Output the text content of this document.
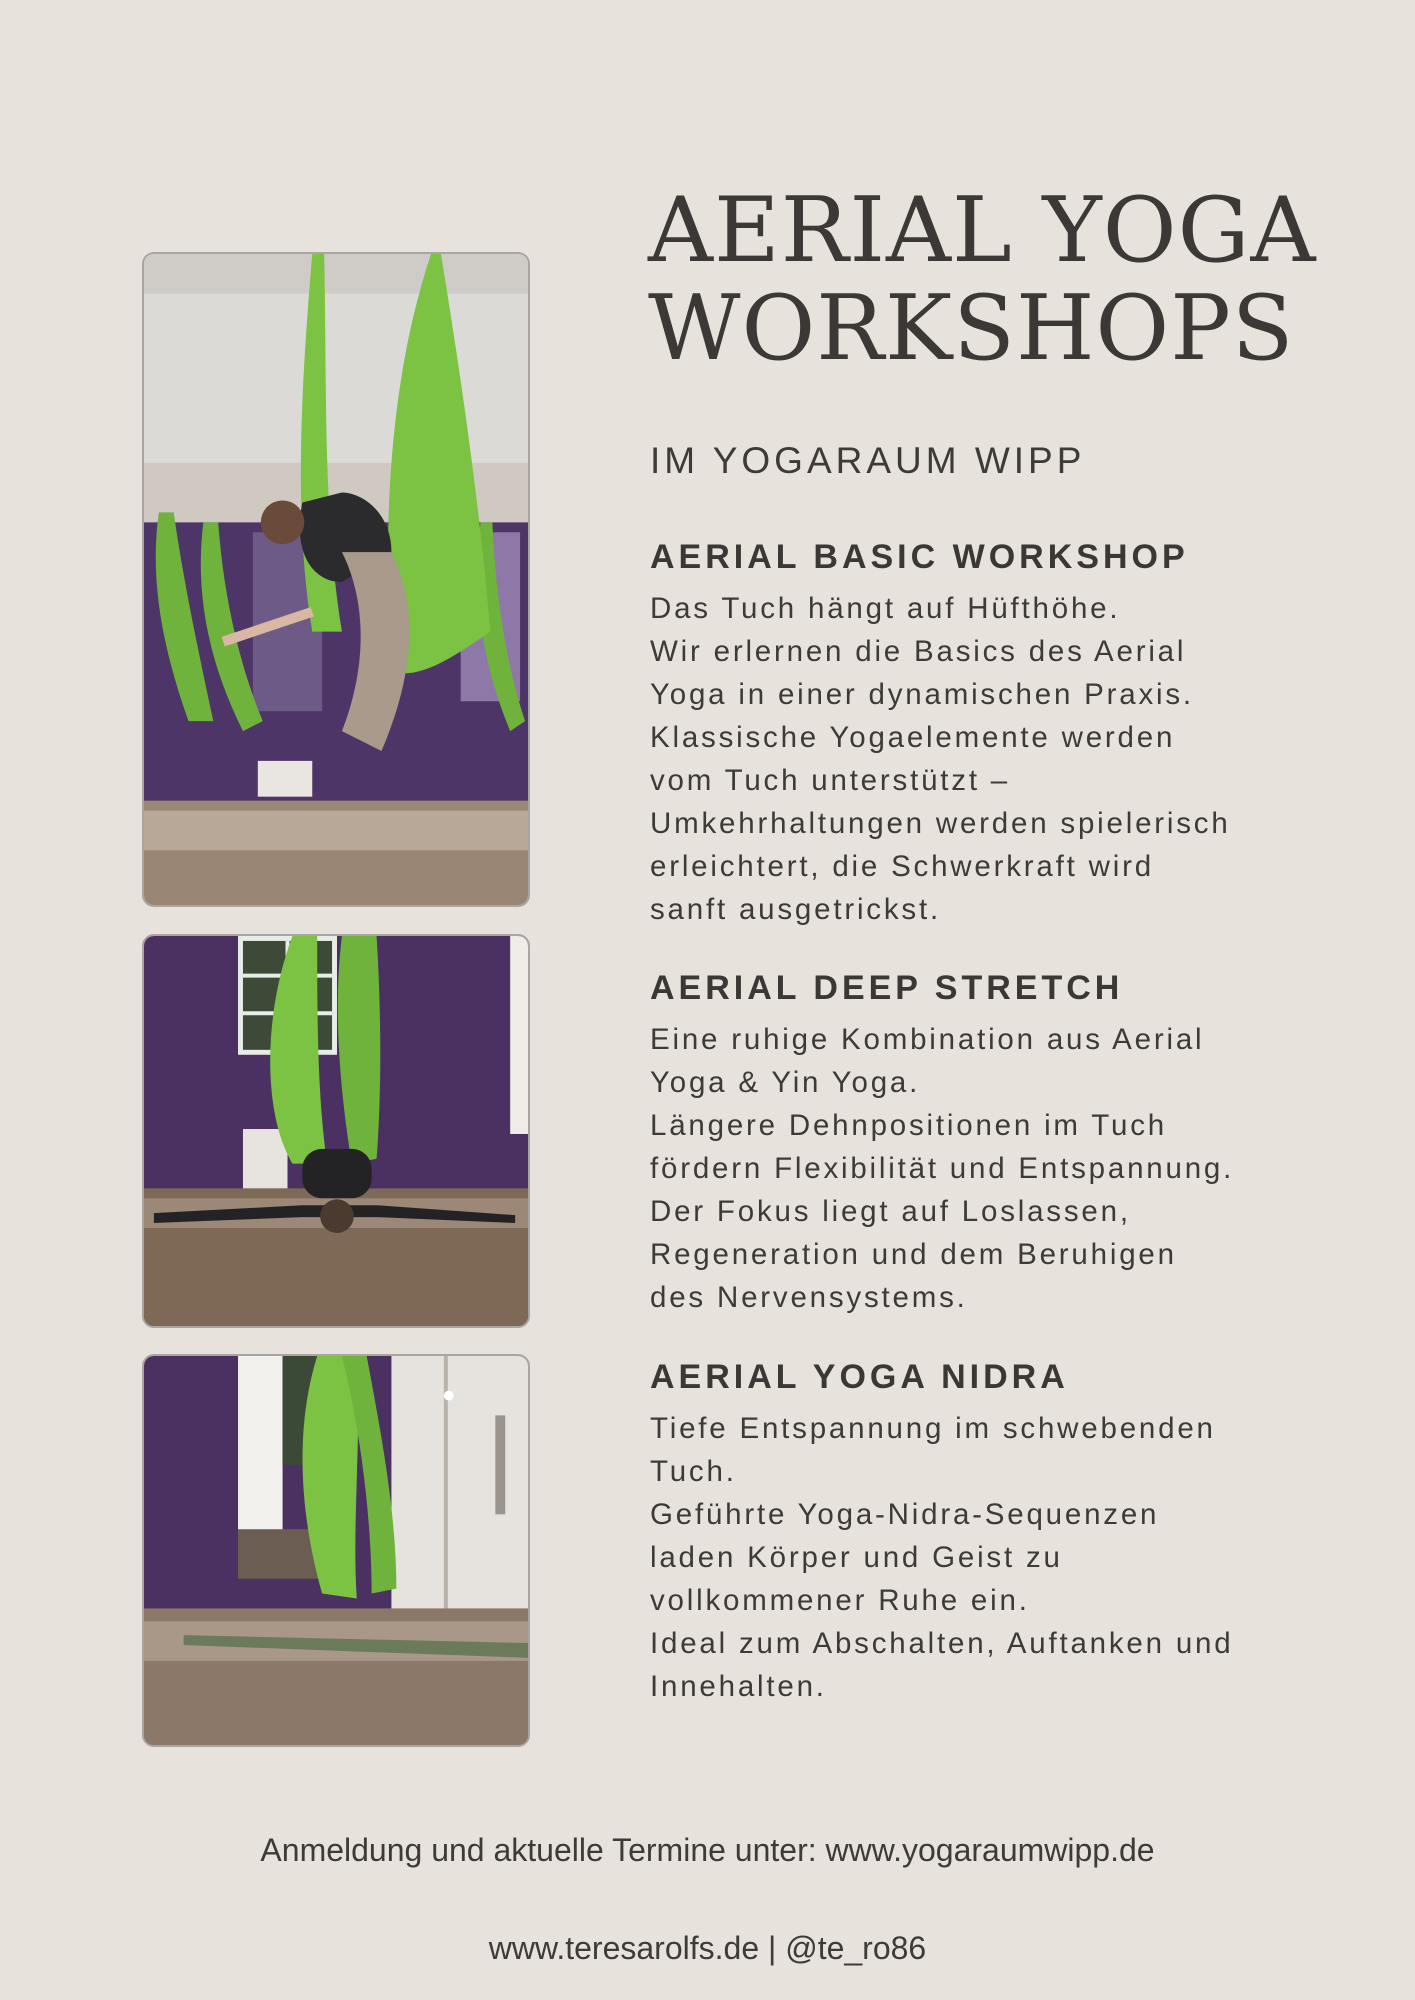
AERIAL YOGA
WORKSHOPS
IM YOGARAUM WIPP
AERIAL BASIC WORKSHOP
Das Tuch hängt auf Hüfthöhe.
Wir erlernen die Basics des Aerial
Yoga in einer dynamischen Praxis.
Klassische Yogaelemente werden
vom Tuch unterstützt –
Umkehrhaltungen werden spielerisch
erleichtert, die Schwerkraft wird
sanft ausgetrickst.
AERIAL DEEP STRETCH
Eine ruhige Kombination aus Aerial
Yoga & Yin Yoga.
Längere Dehnpositionen im Tuch
fördern Flexibilität und Entspannung.
Der Fokus liegt auf Loslassen,
Regeneration und dem Beruhigen
des Nervensystems.
AERIAL YOGA NIDRA
Tiefe Entspannung im schwebenden
Tuch.
Geführte Yoga-Nidra-Sequenzen
laden Körper und Geist zu
vollkommener Ruhe ein.
Ideal zum Abschalten, Auftanken und
Innehalten.
Anmeldung und aktuelle Termine unter: www.yogaraumwipp.de
www.teresarolfs.de | @te_ro86
